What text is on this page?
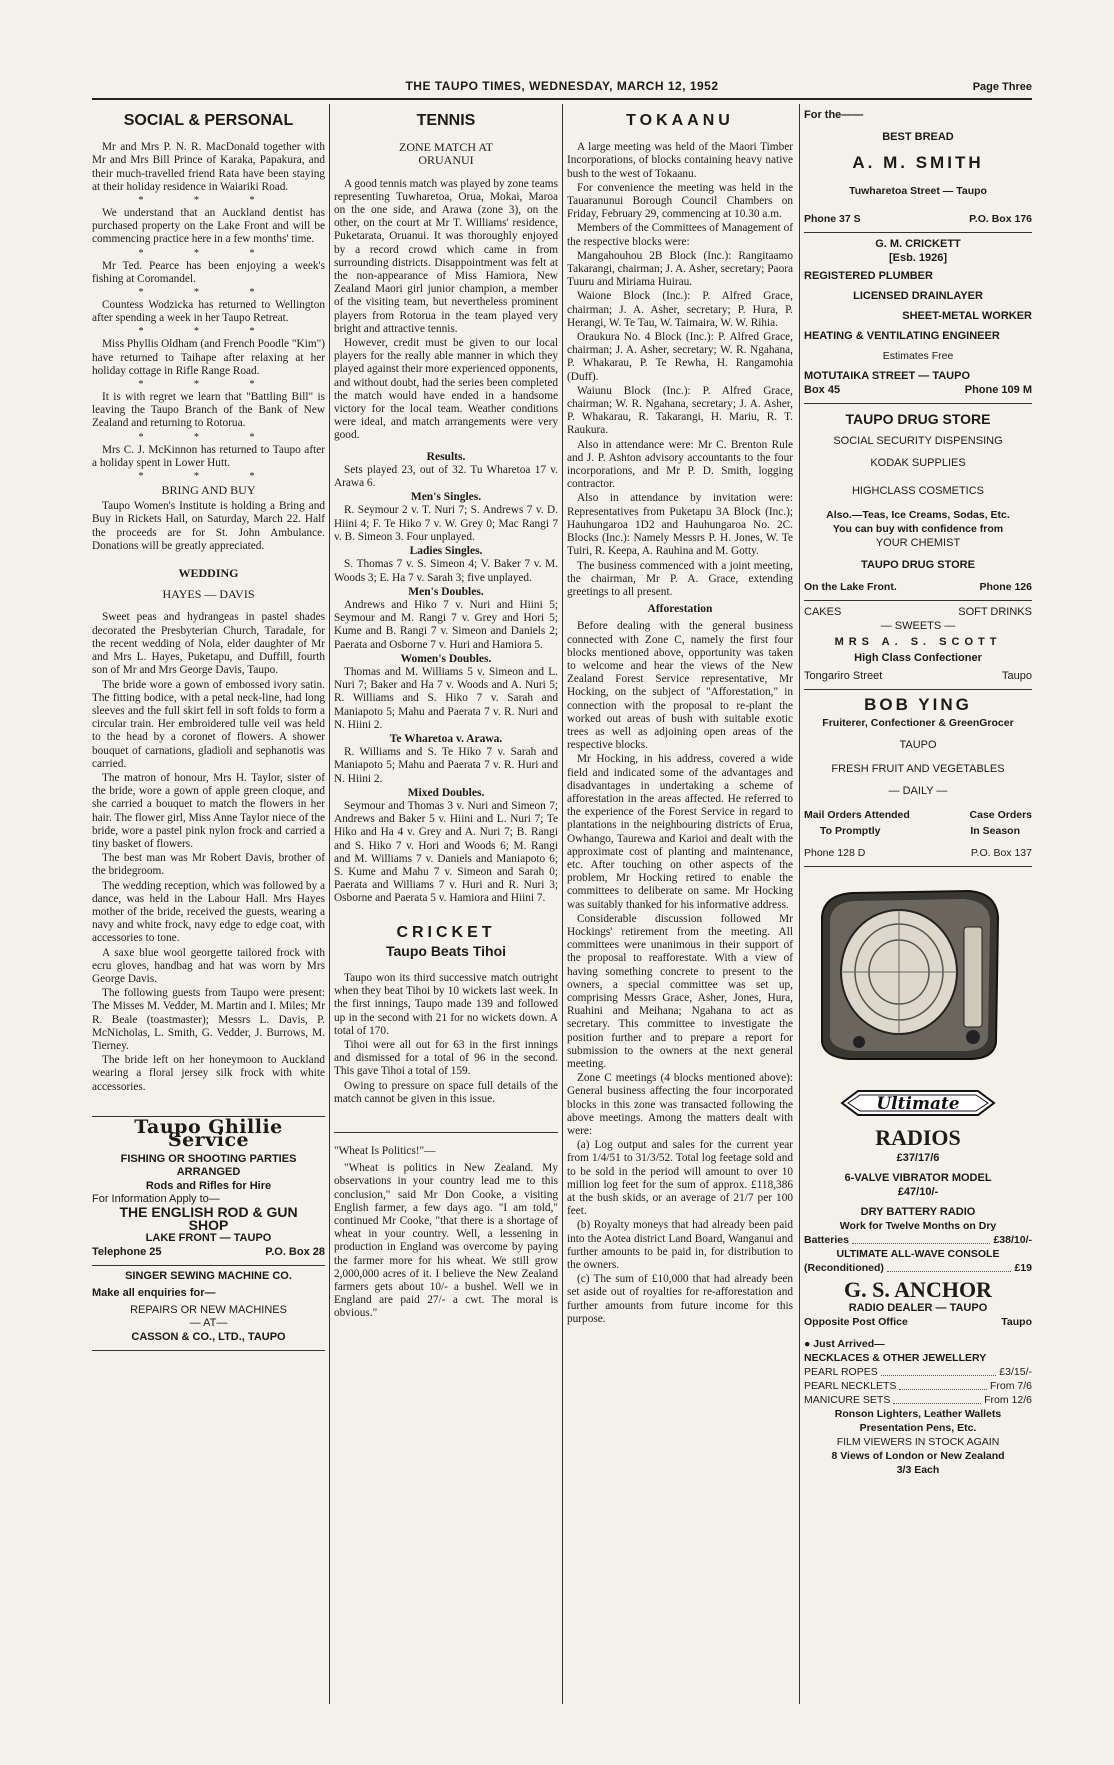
THE TAUPO TIMES, WEDNESDAY, MARCH 12, 1952	Page Three
SOCIAL & PERSONAL

Mr and Mrs P. N. R. MacDonald together with Mr and Mrs Bill Prince of Karaka, Papakura, and their much-travelled friend Rata have been staying at their holiday residence in Waiariki Road.

* * *

We understand that an Auckland dentist has purchased property on the Lake Front and will be commencing practice here in a few months' time.

* * *

Mr Ted. Pearce has been enjoying a week's fishing at Coromandel.

* * *

Countess Wodzicka has returned to Wellington after spending a week in her Taupo Retreat.

* * *

Miss Phyllis Oldham (and French Poodle "Kim") have returned to Taihape after relaxing at her holiday cottage in Rifle Range Road.

* * *

It is with regret we learn that "Battling Bill" is leaving the Taupo Branch of the Bank of New Zealand and returning to Rotorua.

* * *

Mrs C. J. McKinnon has returned to Taupo after a holiday spent in Lower Hutt.

* * *
BRING AND BUY

Taupo Women's Institute is holding a Bring and Buy in Rickets Hall, on Saturday, March 22. Half the proceeds are for St. John Ambulance. Donations will be greatly appreciated.

WEDDING
HAYES — DAVIS

Sweet peas and hydrangeas in pastel shades decorated the Presbyterian Church, Taradale, for the recent wedding of Nola, elder daughter of Mr and Mrs L. Hayes, Puketapu, and Duffill, fourth son of Mr and Mrs George Davis, Taupo.

The bride wore a gown of embossed ivory satin. The fitting bodice, with a petal neck-line, had long sleeves and the full skirt fell in soft folds to form a circular train. Her embroidered tulle veil was held to the head by a coronet of flowers. A shower bouquet of carnations, gladioli and sephanotis was carried.

The matron of honour, Mrs H. Taylor, sister of the bride, wore a gown of apple green cloque, and she carried a bouquet to match the flowers in her hair. The flower girl, Miss Anne Taylor niece of the bride, wore a pastel pink nylon frock and carried a tiny basket of flowers.

The best man was Mr Robert Davis, brother of the bridegroom.

The wedding reception, which was followed by a dance, was held in the Labour Hall. Mrs Hayes mother of the bride, received the guests, wearing a navy and white frock, navy edge to edge coat, with accessories to tone.

A saxe blue wool georgette tailored frock with ecru gloves, handbag and hat was worn by Mrs George Davis.

The following guests from Taupo were present: The Misses M. Vedder, M. Martin and I. Miles; Mr R. Beale (toastmaster); Messrs L. Davis, P. McNicholas, L. Smith, G. Vedder, J. Burrows, M. Tierney.

The bride left on her honeymoon to Auckland wearing a floral jersey silk frock with white accessories.

Taupo Ghillie Service
FISHING OR SHOOTING PARTIES
ARRANGED
Rods and Rifles for Hire
For Information Apply to—
THE ENGLISH ROD & GUN
SHOP
LAKE FRONT — TAUPO
Telephone 25	P.O. Box 28
SINGER SEWING MACHINE CO.
Make all enquiries for—
REPAIRS OR NEW MACHINES
— AT—
CASSON & CO., LTD., TAUPO
TENNIS
ZONE MATCH AT
ORUANUI

A good tennis match was played by zone teams representing Tuwharetoa, Orua, Mokai, Maroa on the one side, and Arawa (zone 3), on the other, on the court at Mr T. Williams' residence, Puketarata, Oruanui. It was thoroughly enjoyed by a record crowd which came in from surrounding districts. Disappointment was felt at the non-appearance of Miss Hamiora, New Zealand Maori girl junior champion, a member of the visiting team, but nevertheless prominent players from Rotorua in the team played very bright and attractive tennis.

However, credit must be given to our local players for the really able manner in which they played against their more experienced opponents, and without doubt, had the series been completed the match would have ended in a handsome victory for the local team. Weather conditions were ideal, and match arrangements were very good.

Results.

Sets played 23, out of 32. Tu Wharetoa 17 v. Arawa 6.

Men's Singles.

R. Seymour 2 v. T. Nuri 7; S. Andrews 7 v. D. Hiini 4; F. Te Hiko 7 v. W. Grey 0; Mac Rangi 7 v. B. Simeon 3. Four unplayed.

Ladies Singles.

S. Thomas 7 v. S. Simeon 4; V. Baker 7 v. M. Woods 3; E. Ha 7 v. Sarah 3; five unplayed.

Men's Doubles.

Andrews and Hiko 7 v. Nuri and Hiini 5; Seymour and M. Rangi 7 v. Grey and Hori 5; Kume and B. Rangi 7 v. Simeon and Daniels 2; Paerata and Osborne 7 v. Huri and Hamiora 5.

Women's Doubles.

Thomas and M. Williams 5 v. Simeon and L. Nuri 7; Baker and Ha 7 v. Woods and A. Nuri 5; R. Williams and S. Hiko 7 v. Sarah and Maniapoto 5; Mahu and Paerata 7 v. R. Nuri and N. Hiini 2.

Te Wharetoa v. Arawa.

R. Williams and S. Te Hiko 7 v. Sarah and Maniapoto 5; Mahu and Paerata 7 v. R. Huri and N. Hiini 2.

Mixed Doubles.

Seymour and Thomas 3 v. Nuri and Simeon 7; Andrews and Baker 5 v. Hiini and L. Nuri 7; Te Hiko and Ha 4 v. Grey and A. Nuri 7; B. Rangi and S. Hiko 7 v. Hori and Woods 6; M. Rangi and M. Williams 7 v. Daniels and Maniapoto 6; S. Kume and Mahu 7 v. Simeon and Sarah 0; Paerata and Williams 7 v. Huri and R. Nuri 3; Osborne and Paerata 5 v. Hamiora and Hiini 7.

CRICKET
Taupo Beats Tihoi

Taupo won its third successive match outright when they beat Tihoi by 10 wickets last week. In the first innings, Taupo made 139 and followed up in the second with 21 for no wickets down. A total of 170.

Tihoi were all out for 63 in the first innings and dismissed for a total of 96 in the second. This gave Tihoi a total of 159.

Owing to pressure on space full details of the match cannot be given in this issue.

"Wheat Is Politics!"—

"Wheat is politics in New Zealand. My observations in your country lead me to this conclusion," said Mr Don Cooke, a visiting English farmer, a few days ago. "I am told," continued Mr Cooke, "that there is a shortage of wheat in your country. Well, a lessening in production in England was overcome by paying the farmer more for his wheat. We still grow 2,000,000 acres of it. I believe the New Zealand farmers gets about 10/- a bushel. Well we in England are paid 27/- a cwt. The moral is obvious."

TOKAANU

A large meeting was held of the Maori Timber Incorporations, of blocks containing heavy native bush to the west of Tokaanu.

For convenience the meeting was held in the Tauaranunui Borough Council Chambers on Friday, February 29, commencing at 10.30 a.m.

Members of the Committees of Management of the respective blocks were:

Mangahouhou 2B Block (Inc.): Rangitaamo Takarangi, chairman; J. A. Asher, secretary; Paora Tuuru and Miriama Huirau.

Waione Block (Inc.): P. Alfred Grace, chairman; J. A. Asher, secretary; P. Hura, P. Herangi, W. Te Tau, W. Taimaira, W. W. Rihia.

Oraukura No. 4 Block (Inc.): P. Alfred Grace, chairman; J. A. Asher, secretary; W. R. Ngahana, P. Whakarau, P. Te Rewha, H. Rangamohia (Duff).

Waiunu Block (Inc.): P. Alfred Grace, chairman; W. R. Ngahana, secretary; J. A. Asher, P. Whakarau, R. Takarangi, H. Mariu, R. T. Raukura.

Also in attendance were: Mr C. Brenton Rule and J. P. Ashton advisory accountants to the four incorporations, and Mr P. D. Smith, logging contractor.

Also in attendance by invitation were: Representatives from Puketapu 3A Block (Inc.); Hauhungaroa 1D2 and Hauhungaroa No. 2C. Blocks (Inc.): Namely Messrs P. H. Jones, W. Te Tuiri, R. Keepa, A. Rauhina and M. Gotty.

The business commenced with a joint meeting, the chairman, Mr P. A. Grace, extending greetings to all present.

Afforestation

Before dealing with the general business connected with Zone C, namely the first four blocks mentioned above, opportunity was taken to welcome and hear the views of the New Zealand Forest Service representative, Mr Hocking, on the subject of "Afforestation," in connection with the proposal to re-plant the worked out areas of bush with suitable exotic trees as well as adjoining open areas of the respective blocks.

Mr Hocking, in his address, covered a wide field and indicated some of the advantages and disadvantages in undertaking a scheme of afforestation in the areas affected. He referred to the experience of the Forest Service in regard to plantations in the neighbouring districts of Erua, Owhango, Taurewa and Karioi and dealt with the approximate cost of planting and maintenance, etc. After touching on other aspects of the problem, Mr Hocking retired to enable the committees to deliberate on same. Mr Hocking was suitably thanked for his informative address.

Considerable discussion followed Mr Hockings' retirement from the meeting. All committees were unanimous in their support of the proposal to reafforestate. With a view of having something concrete to present to the owners, a special committee was set up, comprising Messrs Grace, Asher, Jones, Hura, Ruahini and Meihana; Ngahana to act as secretary. This committee to investigate the position further and to prepare a report for submission to the owners at the next general meeting.

Zone C meetings (4 blocks mentioned above): General business affecting the four incorporated blocks in this zone was transacted following the above meetings. Among the matters dealt with were:

(a) Log output and sales for the current year from 1/4/51 to 31/3/52. Total log feetage sold and to be sold in the period will amount to over 10 million log feet for the sum of approx. £118,386 at the bush skids, or an average of 21/7 per 100 feet.

(b) Royalty moneys that had already been paid into the Aotea district Land Board, Wanganui and further amounts to be paid in, for distribution to the owners.

(c) The sum of £10,000 that had already been set aside out of royalties for re-afforestation and further amounts from future income for this purpose.

For the——
BEST BREAD
A. M. SMITH
Tuwharetoa Street — Taupo
Phone 37 S	P.O. Box 176
G. M. CRICKETT
[Esb. 1926]
REGISTERED PLUMBER
LICENSED DRAINLAYER
SHEET-METAL WORKER
HEATING & VENTILATING ENGINEER
Estimates Free
MOTUTAIKA STREET — TAUPO
Box 45	Phone 109 M
TAUPO DRUG STORE
SOCIAL SECURITY DISPENSING
KODAK SUPPLIES
HIGHCLASS COSMETICS
Also.—Teas, Ice Creams, Sodas, Etc.
You can buy with confidence from
YOUR CHEMIST
TAUPO DRUG STORE
On the Lake Front.	Phone 126
CAKES	SOFT DRINKS
— SWEETS —
MRS A. S. SCOTT
High Class Confectioner
Tongariro Street	Taupo
BOB YING
Fruiterer, Confectioner & GreenGrocer
TAUPO
FRESH FRUIT AND VEGETABLES
— DAILY —
Mail Orders Attended	Case Orders
To Promptly	In Season
Phone 128 D	P.O. Box 137
Ultimate
RADIOS
£37/17/6
6-VALVE VIBRATOR MODEL
£47/10/-
DRY BATTERY RADIO
Work for Twelve Months on Dry
Batteries	£38/10/-
ULTIMATE ALL-WAVE CONSOLE
(Reconditioned)	£19
G. S. ANCHOR
RADIO DEALER — TAUPO
Opposite Post Office	Taupo
● Just Arrived—
NECKLACES & OTHER JEWELLERY
PEARL ROPES	£3/15/-
PEARL NECKLETS	From 7/6
MANICURE SETS	From 12/6
Ronson Lighters, Leather Wallets
Presentation Pens, Etc.
FILM VIEWERS IN STOCK AGAIN
8 Views of London or New Zealand
3/3 Each
